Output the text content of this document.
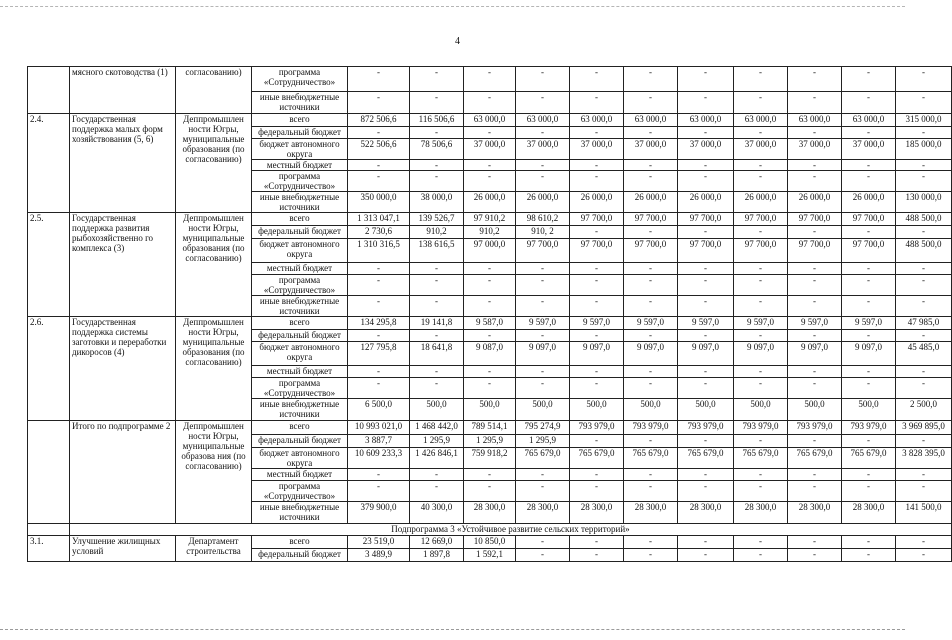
4
	мясного скотоводства (1)	согласованию)	программа «Сотрудничество»	-	-	-	-	-	-	-	-	-	-	-
			иные внебюджетные источники	-	-	-	-	-	-	-	-	-	-	-
2.4.	Государственная поддержка малых форм хозяйствования (5, 6)	Деппромышлен ности Югры, муниципальные образования (по согласованию)	всего	872 506,6	116 506,6	63 000,0	63 000,0	63 000,0	63 000,0	63 000,0	63 000,0	63 000,0	63 000,0	315 000,0
			федеральный бюджет	-	-	-	-	-	-	-	-	-	-	-
			бюджет автономного округа	522 506,6	78 506,6	37 000,0	37 000,0	37 000,0	37 000,0	37 000,0	37 000,0	37 000,0	37 000,0	185 000,0
			местный бюджет	-	-	-	-	-	-	-	-	-	-	-
			программа «Сотрудничество»	-	-	-	-	-	-	-	-	-	-	-
			иные внебюджетные источники	350 000,0	38 000,0	26 000,0	26 000,0	26 000,0	26 000,0	26 000,0	26 000,0	26 000,0	26 000,0	130 000,0
2.5.	Государственная поддержка развития рыбохозяйственно го комплекса (3)	Деппромышлен ности Югры, муниципальные образования (по согласованию)	всего	1 313 047,1	139 526,7	97 910,2	98 610,2	97 700,0	97 700,0	97 700,0	97 700,0	97 700,0	97 700,0	488 500,0
			федеральный бюджет	2 730,6	910,2	910,2	910, 2	-	-	-	-	-	-	-
			бюджет автономного округа	1 310 316,5	138 616,5	97 000,0	97 700,0	97 700,0	97 700,0	97 700,0	97 700,0	97 700,0	97 700,0	488 500,0
			местный бюджет	-	-	-	-	-	-	-	-	-	-	-
			программа «Сотрудничество»	-	-	-	-	-	-	-	-	-	-	-
			иные внебюджетные источники	-	-	-	-	-	-	-	-	-	-	-
2.6.	Государственная поддержка системы заготовки и переработки дикоросов (4)	Деппромышлен ности Югры, муниципальные образования (по согласованию)	всего	134 295,8	19 141,8	9 587,0	9 597,0	9 597,0	9 597,0	9 597,0	9 597,0	9 597,0	9 597,0	47 985,0
			федеральный бюджет	-	-	-	-	-	-	-	-	-	-	-
			бюджет автономного округа	127 795,8	18 641,8	9 087,0	9 097,0	9 097,0	9 097,0	9 097,0	9 097,0	9 097,0	9 097,0	45 485,0
			местный бюджет	-	-	-	-	-	-	-	-	-	-	-
			программа «Сотрудничество»	-	-	-	-	-	-	-	-	-	-	-
			иные внебюджетные источники	6 500,0	500,0	500,0	500,0	500,0	500,0	500,0	500,0	500,0	500,0	2 500,0
	Итого по подпрограмме 2	Деппромышлен ности Югры, муниципальные образова ния (по согласованию)	всего	10 993 021,0	1 468 442,0	789 514,1	795 274,9	793 979,0	793 979,0	793 979,0	793 979,0	793 979,0	793 979,0	3 969 895,0
			федеральный бюджет	3 887,7	1 295,9	1 295,9	1 295,9	-	-	-	-	-	-	-
			бюджет автономного округа	10 609 233,3	1 426 846,1	759 918,2	765 679,0	765 679,0	765 679,0	765 679,0	765 679,0	765 679,0	765 679,0	3 828 395,0
			местный бюджет	-	-	-	-	-	-	-	-	-	-	-
			программа «Сотрудничество»	-	-	-	-	-	-	-	-	-	-	-
			иные внебюджетные источники	379 900,0	40 300,0	28 300,0	28 300,0	28 300,0	28 300,0	28 300,0	28 300,0	28 300,0	28 300,0	141 500,0
	Подпрограмма 3 «Устойчивое развитие сельских территорий»													
3.1.	Улучшение жилищных условий	Департамент строительства	всего	23 519,0	12 669,0	10 850,0	-	-	-	-	-	-	-	-
			федеральный бюджет	3 489,9	1 897,8	1 592,1	-	-	-	-	-	-	-	-
